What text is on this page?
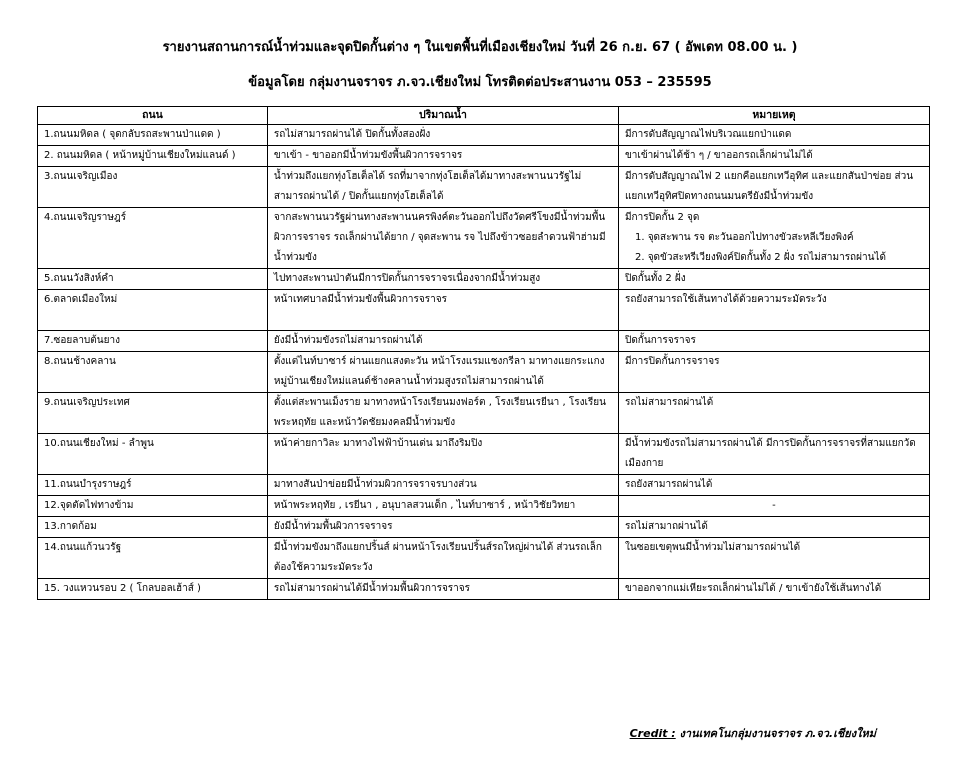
รายงานสถานการณ์น้ำท่วมและจุดปิดกั้นต่าง ๆ ในเขตพื้นที่เมืองเชียงใหม่ วันที่ 26 ก.ย. 67 ( อัพเดท 08.00 น. )
ข้อมูลโดย กลุ่มงานจราจร ภ.จว.เชียงใหม่ โทรติดต่อประสานงาน 053 – 235595
ถนน	ปริมาณน้ำ	หมายเหตุ
1.ถนนมหิดล ( จุดกลับรถสะพานป่าแดด )	รถไม่สามารถผ่านได้ ปิดกั้นทั้งสองฝั่ง	มีการดับสัญญาณไฟบริเวณแยกป่าแดด
2. ถนนมหิดล ( หน้าหมู่บ้านเชียงใหม่แลนด์ )	ขาเข้า - ขาออกมีน้ำท่วมขังพื้นผิวการจราจร	ขาเข้าผ่านได้ช้า ๆ / ขาออกรถเล็กผ่านไม่ได้
3.ถนนเจริญเมือง	น้ำท่วมถึงแยกทุ่งโฮเต็ลได้ รถที่มาจากทุ่งโฮเต็ลได้มาทางสะพานนวรัฐไม่สามารถผ่านได้ / ปิดกั้นแยกทุ่งโฮเต็ลได้	มีการดับสัญญาณไฟ 2 แยกคือแยกเทวีอุทิศ และแยกสันป่าข่อย ส่วนแยกเทวีอุทิศปิดทางถนนมนตรียังมีน้ำท่วมขัง
4.ถนนเจริญราษฎร์	จากสะพานนวรัฐผ่านทางสะพานนครพิงค์ตะวันออกไปถึงวัดศรีโขงมีน้ำท่วมพื้นผิวการจราจร รถเล็กผ่านได้ยาก / จุดสะพาน รจ ไปถึงข้าวซอยลำดวนฟ้าฮ่ามมีน้ำท่วมขัง	มีการปิดกั้น 2 จุด
1. จุดสะพาน รจ ตะวันออกไปทางขัวสะหลีเวียงพิงค์
2. จุดขัวสะหรีเวียงพิงค์ปิดกั้นทั้ง 2 ฝั่ง รถไม่สามารถผ่านได้

5.ถนนวังสิงห์คำ	ไปทางสะพานป่าตันมีการปิดกั้นการจราจรเนื่องจากมีน้ำท่วมสูง	ปิดกั้นทั้ง 2 ฝั่ง
6.ตลาดเมืองใหม่	หน้าเทศบาลมีน้ำท่วมขังพื้นผิวการจราจร	รถยังสามารถใช้เส้นทางได้ด้วยความระมัดระวัง
7.ซอยลาบต้นยาง	ยังมีน้ำท่วมขังรถไม่สามารถผ่านได้	ปิดกั้นการจราจร
8.ถนนช้างคลาน	ตั้งแต่ไนท์บาซาร์ ผ่านแยกแสงตะวัน หน้าโรงแรมแชงกรีลา มาทางแยกระแกง หมู่บ้านเชียงใหม่แลนด์ช้างคลานน้ำท่วมสูงรถไม่สามารถผ่านได้	มีการปิดกั้นการจราจร
9.ถนนเจริญประเทศ	ตั้งแต่สะพานเม็งราย มาทางหน้าโรงเรียนมงฟอร์ต , โรงเรียนเรยีนา , โรงเรียนพระหฤทัย และหน้าวัดชัยมงคลมีน้ำท่วมขัง	รถไม่สามารถผ่านได้
10.ถนนเชียงใหม่ - ลำพูน	หน้าค่ายกาวิละ มาทางไฟฟ้าบ้านเด่น มาถึงริมปิง	มีน้ำท่วมขังรถไม่สามารถผ่านได้ มีการปิดกั้นการจราจรที่สามแยกวัดเมืองกาย
11.ถนนบำรุงราษฎร์	มาทางสันป่าข่อยมีน้ำท่วมผิวการจราจรบางส่วน	รถยังสามารถผ่านได้
12.จุดตัดไฟทางข้าม	หน้าพระหฤทัย , เรยีนา , อนุบาลสวนเด็ก , ไนท์บาซาร์ , หน้าวิชัยวิทยา	-
13.กาดก้อม	ยังมีน้ำท่วมพื้นผิวการจราจร	รถไม่สามาถผ่านได้
14.ถนนแก้วนวรัฐ	มีน้ำท่วมขังมาถึงแยกปริ้นส์ ผ่านหน้าโรงเรียนปริ้นส์รถใหญ่ผ่านได้ ส่วนรถเล็กต้องใช้ความระมัดระวัง	ในซอยเขตุพนมีน้ำท่วมไม่สามารถผ่านได้
15. วงแหวนรอบ 2 ( โกลบอลเฮ้าส์ )	รถไม่สามารถผ่านได้มีน้ำท่วมพื้นผิวการจราจร	ขาออกจากแม่เหียะรถเล็กผ่านไม่ได้ / ขาเข้ายังใช้เส้นทางได้
Credit : งานเทคโนกลุ่มงานจราจร ภ.จว.เชียงใหม่
